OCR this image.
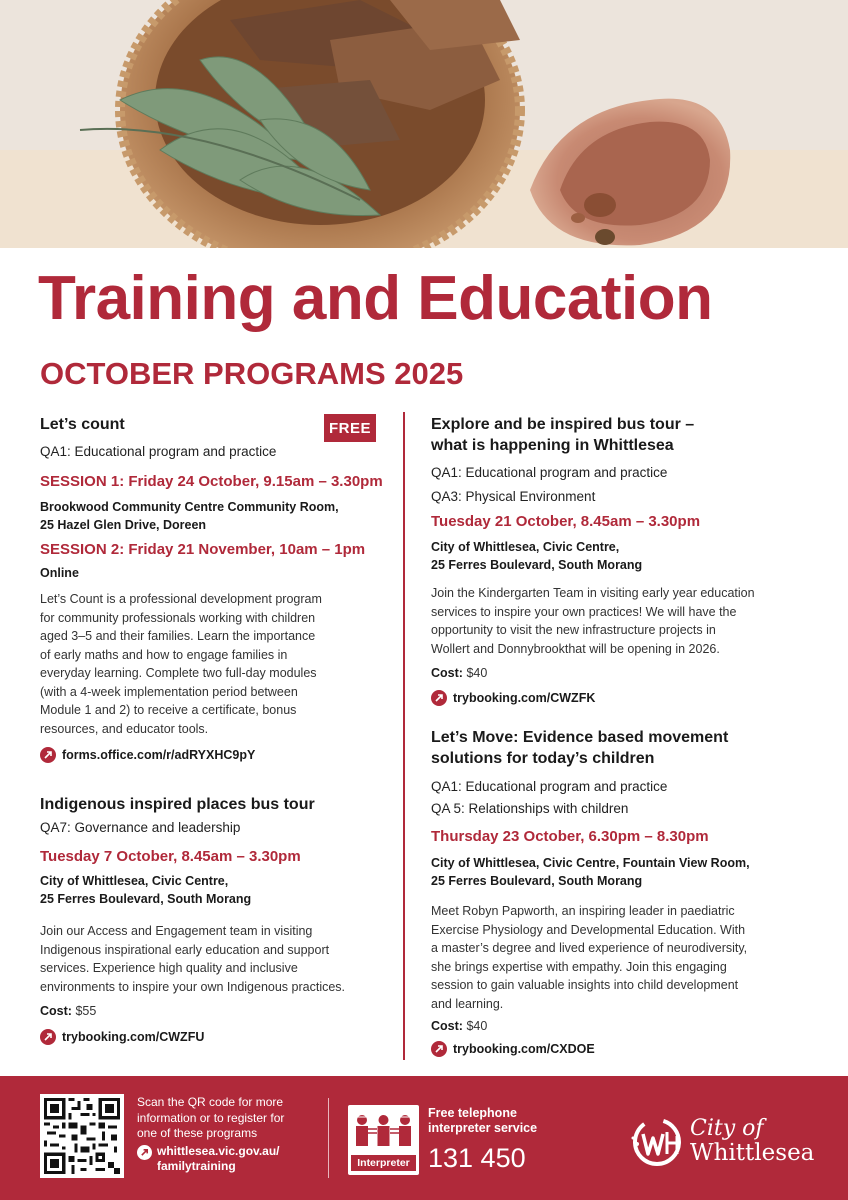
Training and Education
OCTOBER PROGRAMS 2025
FREE
Let’s count
QA1: Educational program and practice
SESSION 1: Friday 24 October, 9.15am – 3.30pm
Brookwood Community Centre Community Room,
25 Hazel Glen Drive, Doreen
SESSION 2: Friday 21 November, 10am – 1pm
Online
Let’s Count is a professional development program
for community professionals working with children
aged 3–5 and their families. Learn the importance
of early maths and how to engage families in
everyday learning. Complete two full-day modules
(with a 4-week implementation period between
Module 1 and 2) to receive a certificate, bonus
resources, and educator tools.
forms.office.com/r/adRYXHC9pY
Indigenous inspired places bus tour
QA7: Governance and leadership
Tuesday 7 October, 8.45am – 3.30pm
City of Whittlesea, Civic Centre,
25 Ferres Boulevard, South Morang
Join our Access and Engagement team in visiting
Indigenous inspirational early education and support
services. Experience high quality and inclusive
environments to inspire your own Indigenous practices.
Cost: $55
trybooking.com/CWZFU
Explore and be inspired bus tour –
what is happening in Whittlesea
QA1: Educational program and practice
QA3: Physical Environment
Tuesday 21 October, 8.45am – 3.30pm
City of Whittlesea, Civic Centre,
25 Ferres Boulevard, South Morang
Join the Kindergarten Team in visiting early year education
services to inspire your own practices! We will have the
opportunity to visit the new infrastructure projects in
Wollert and Donnybrookthat will be opening in 2026.
Cost: $40
trybooking.com/CWZFK
Let’s Move: Evidence based movement
solutions for today’s children
QA1: Educational program and practice
QA 5: Relationships with children
Thursday 23 October, 6.30pm – 8.30pm
City of Whittlesea, Civic Centre, Fountain View Room,
25 Ferres Boulevard, South Morang
Meet Robyn Papworth, an inspiring leader in paediatric
Exercise Physiology and Developmental Education. With
a master’s degree and lived experience of neurodiversity,
she brings expertise with empathy. Join this engaging
session to gain valuable insights into child development
and learning.
Cost: $40
trybooking.com/CXDOE
Scan the QR code for more
information or to register for
one of these programs
whittlesea.vic.gov.au/
familytraining	Interpreter
Free telephone
interpreter service
131 450
City of
Whittlesea
